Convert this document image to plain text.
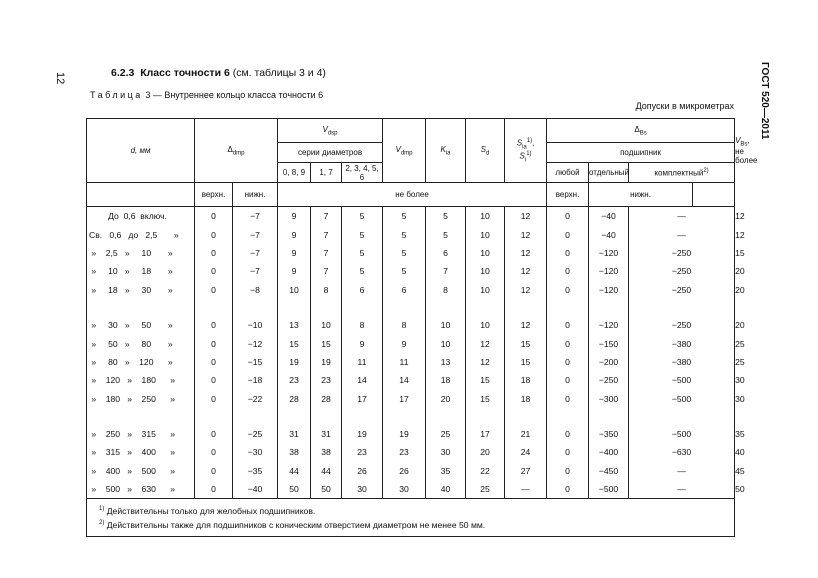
12	ГОСТ 520—2011
6.2.3 Класс точности 6 (см. таблицы 3 и 4)
Таблица 3 — Внутреннее кольцо класса точности 6
Допуски в микрометрах
d, мм	$\Delta_{dmp}$		$V_{dsp}$			$V_{dmp}$	$K_{ia}$	$S_d$	$S_{ia}^{1)}$,
$S_i^{1)}$	$\Delta_{Bs}$				$V_{Bs}$,
не более
			серии диаметров							подшипник				
			0, 8, 9	1, 7	2, 3, 4, 5, 6					любой	отдельный	комплектный$^{2)}$
	верхн.	нижн.	не более							верхн.	нижн.			
До  0,6  включ.	0	−7	9	7	5	5	5	10	12	0	−40	—		12
Св.   0,6   до   2,5       »	0	−7	9	7	5	5	5	10	12	0	−40	—		12
»    2,5   »     10       »	0	−7	9	7	5	5	6	10	12	0	−120	−250		15
»     10   »     18       »	0	−7	9	7	5	5	7	10	12	0	−120	−250		20
»     18   »     30       »	0	−8	10	8	6	6	8	10	12	0	−120	−250		20

»     30   »     50       »	0	−10	13	10	8	8	10	10	12	0	−120	−250		20
»     50   »     80       »	0	−12	15	15	9	9	10	12	15	0	−150	−380		25
»     80   »    120      »	0	−15	19	19	11	11	13	12	15	0	−200	−380		25
»    120   »    180      »	0	−18	23	23	14	14	18	15	18	0	−250	−500		30
»    180   »    250      »	0	−22	28	28	17	17	20	15	18	0	−300	−500		30

»    250   »    315      »	0	−25	31	31	19	19	25	17	21	0	−350	−500		35
»    315   »    400      »	0	−30	38	38	23	23	30	20	24	0	−400	−630		40
»    400   »    500      »	0	−35	44	44	26	26	35	22	27	0	−450	—		45
»    500   »    630      »	0	−40	50	50	30	30	40	25	—	0	−500	—		50

$^{1)}$ Действительны только для желобных подшипников.
$^{2)}$ Действительны также для подшипников с коническим отверстием диаметром не менее 50 мм.														
